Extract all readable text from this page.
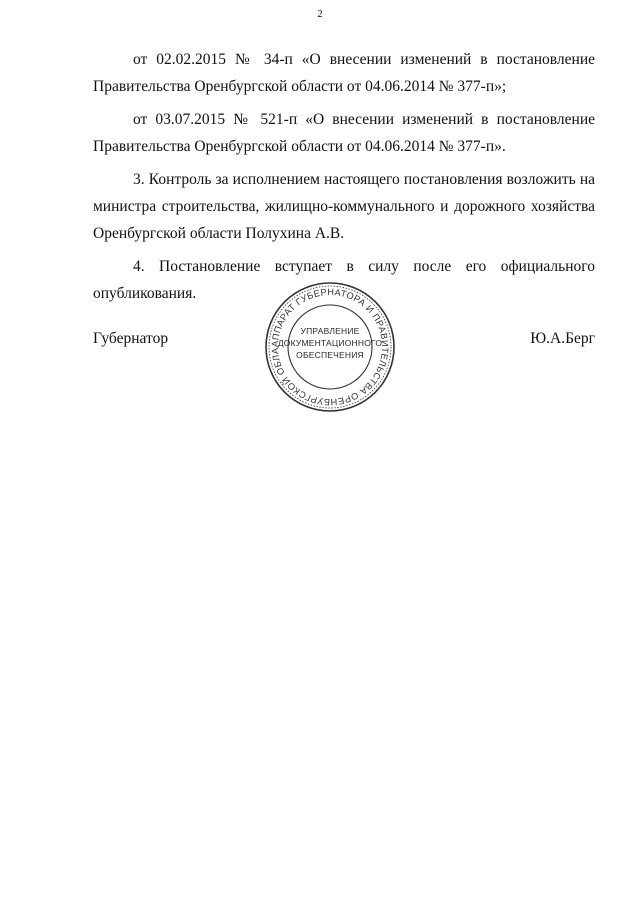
2

от 02.02.2015 № 34-п «О внесении изменений в постановление Правительства Оренбургской области от 04.06.2014 № 377-п»;

от 03.07.2015 № 521-п «О внесении изменений в постановление Правительства Оренбургской области от 04.06.2014 № 377-п».

3. Контроль за исполнением настоящего постановления возложить на министра строительства, жилищно-коммунального и дорожного хозяйства Оренбургской области Полухина А.В.

4. Постановление вступает в силу после его официального опубликования.

Губернатор	Ю.А.Берг
АППАРАТ ГУБЕРНАТОРА И ПРАВИТЕЛЬСТВА ОРЕНБУРГСКОЙ ОБЛА
УПРАВЛЕНИЕ
ДОКУМЕНТАЦИОННОГО
ОБЕСПЕЧЕНИЯ
